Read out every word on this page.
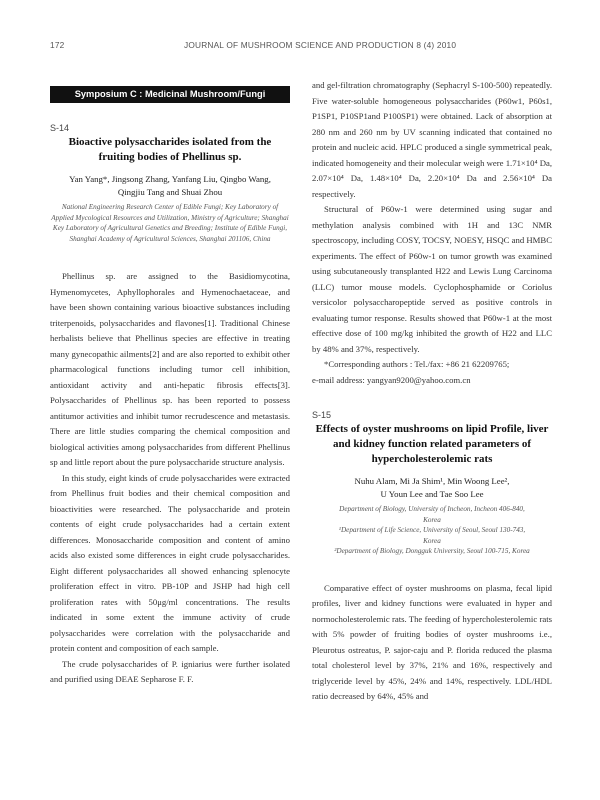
172	JOURNAL OF MUSHROOM SCIENCE AND PRODUCTION 8 (4) 2010
Symposium C : Medicinal Mushroom/Fungi
S-14
Bioactive polysaccharides isolated from the fruiting bodies of Phellinus sp.
Yan Yang*, Jingsong Zhang, Yanfang Liu, Qingbo Wang,
Qingjiu Tang and Shuai Zhou
National Engineering Research Center of Edible Fungi; Key Laboratory of Applied Mycological Resources and Utilization, Ministry of Agriculture; Shanghai Key Laboratory of Agricultural Genetics and Breeding; Institute of Edible Fungi, Shanghai Academy of Agricultural Sciences, Shanghai 201106, China

Phellinus sp. are assigned to the Basidiomycotina, Hymenomycetes, Aphyllophorales and Hymenochaetaceae, and have been shown containing various bioactive substances including triterpenoids, polysaccharides and flavones[1]. Traditional Chinese herbalists believe that Phellinus species are effective in treating many gynecopathic ailments[2] and are also reported to exhibit other pharmacological functions including tumor cell inhibition, antioxidant activity and anti-hepatic fibrosis effects[3]. Polysaccharides of Phellinus sp. has been reported to possess antitumor activities and inhibit tumor recrudescence and metastasis. There are little studies comparing the chemical composition and biological activities among polysaccharides from different Phellinus sp and little report about the pure polysaccharide structure analysis.

In this study, eight kinds of crude polysaccharides were extracted from Phellinus fruit bodies and their chemical composition and bioactivities were researched. The polysaccharide and protein contents of eight crude polysaccharides had a certain extent differences. Monosaccharide composition and content of amino acids also existed some differences in eight crude polysaccharides. Eight different polysaccharides all showed enhancing splenocyte proliferation effect in vitro. PB-10P and JSHP had high cell proliferation rates with 50μg/ml concentrations. The results indicated in some extent the immune activity of crude polysaccharides were correlation with the polysaccharide and protein content and composition of each sample.

The crude polysaccharides of P. igniarius were further isolated and purified using DEAE Sepharose F. F.

and gel-filtration chromatography (Sephacryl S-100-500) repeatedly. Five water-soluble homogeneous polysaccharides (P60w1, P60s1, P1SP1, P10SP1and P100SP1) were obtained. Lack of absorption at 280 nm and 260 nm by UV scanning indicated that contained no protein and nucleic acid. HPLC produced a single symmetrical peak, indicated homogeneity and their molecular weigh were 1.71×10⁴ Da, 2.07×10⁴ Da, 1.48×10⁴ Da, 2.20×10⁴ Da and 2.56×10⁴ Da respectively.

Structural of P60w-1 were determined using sugar and methylation analysis combined with 1H and 13C NMR spectroscopy, including COSY, TOCSY, NOESY, HSQC and HMBC experiments. The effect of P60w-1 on tumor growth was examined using subcutaneously transplanted H22 and Lewis Lung Carcinoma (LLC) tumor mouse models. Cyclophosphamide or Coriolus versicolor polysaccharopeptide served as positive controls in evaluating tumor response. Results showed that P60w-1 at the most effective dose of 100 mg/kg inhibited the growth of H22 and LLC by 48% and 37%, respectively.

*Corresponding authors : Tel./fax: +86 21 62209765;
e-mail address: yangyan9200@yahoo.com.cn
S-15
Effects of oyster mushrooms on lipid Profile, liver and kidney function related parameters of hypercholesterolemic rats
Nuhu Alam, Mi Ja Shim¹, Min Woong Lee²,
U Youn Lee and Tae Soo Lee
Department of Biology, University of Incheon, Incheon 406-840,
Korea
¹Department of Life Science, University of Seoul, Seoul 130-743,
Korea
²Department of Biology, Dongguk University, Seoul 100-715, Korea

Comparative effect of oyster mushrooms on plasma, fecal lipid profiles, liver and kidney functions were evaluated in hyper and normocholesterolemic rats. The feeding of hypercholesterolemic rats with 5% powder of fruiting bodies of oyster mushrooms i.e., Pleurotus ostreatus, P. sajor-caju and P. florida reduced the plasma total cholesterol level by 37%, 21% and 16%, respectively and triglyceride level by 45%, 24% and 14%, respectively. LDL/HDL ratio decreased by 64%, 45% and
